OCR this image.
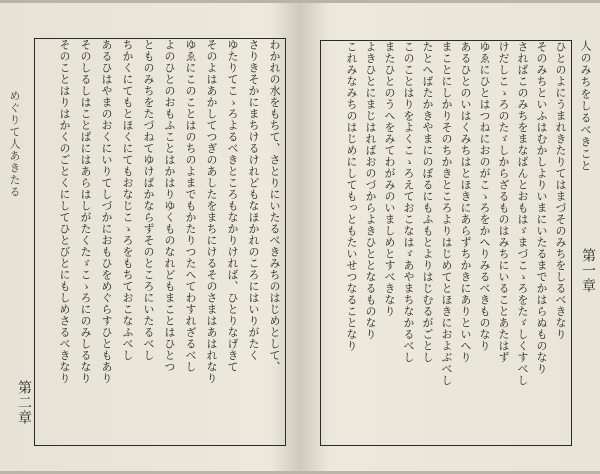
めぐりて人あきたる
第二章
わかれの水をもちて、さとりにいたるべきみちのはじめとして、
さりきそかにまちけるけれどもなほかれのころにはいりがたく
ゆたりてこゝろよるべきところもなかりければ、ひとりなげきて
そのよはあかしてつぎのあしたをまちにけるそのさまはあはれなり
ゆゑにこのことはのちのよまでもかたりつたへてわすれざるべし
よのひとのおもふことはかはりゆくものなれどもまことはひとつ
とものみちをたづねてゆけばかならずそのところにいたるべし
ちかくにてもとほくにてもおなじこゝろをもちておこなふべし
あるひはやまのおくにいりてしづかにおもひをめぐらすひともあり
そのしるしはことばにはあらはしがたくたゞこゝろにのみしるなり
そのことはりはかくのごとくにしてひとびとにもしめさるべきなり	ひとのよにうまれきたりてはまづそのみちをしるべきなり
そのみちといふはむかしよりいまにいたるまでかはらぬものなり
さればこのみちをまなばんとおもはゞまづこゝろをたゞしくすべし
けだしこゝろのたゞしからざるものはみちにいることあたはず
ゆゑにひとはつねにおのがこゝろをかへりみるべきものなり
あるひとのいはくみちはとほきにあらずちかきにありといへり
まことにしかりそのちかきところよりはじめてとほきにおよぶべし
たとへばたかきやまにのぼるにもふもとよりはじむるがごとし
このことはりをよくこゝろえておこなはゞあやまちなかるべし
またひとのうへをみてわがみのいましめとすべきなり
よきひとにまじはればおのづからよきひととなるものなり
これみなみちのはじめにしてもっともたいせつなることなり	人のみちをしるべきこと
第一章
